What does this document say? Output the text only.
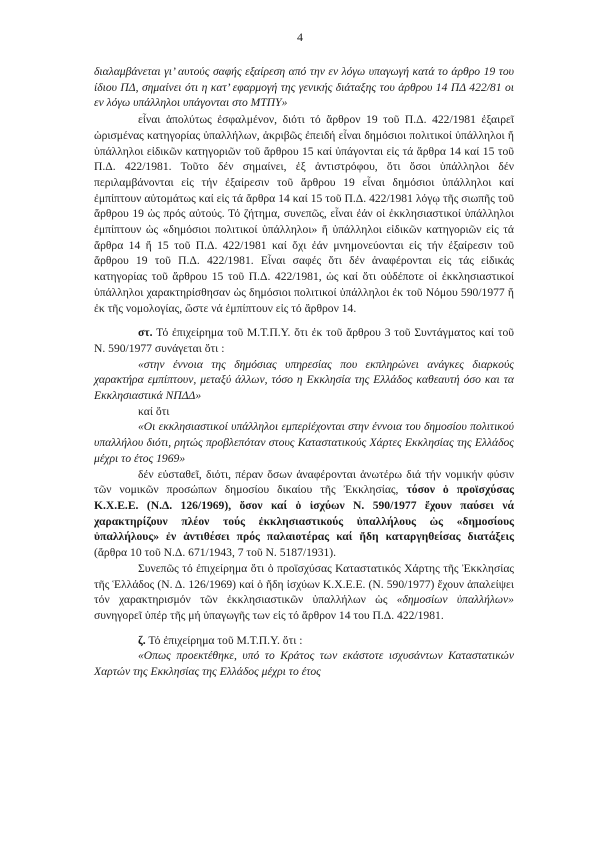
4

διαλαμβάνεται γι’ αυτούς σαφής εξαίρεση από την εν λόγω υπαγωγή κατά το άρθρο 19 του ίδιου ΠΔ, σημαίνει ότι η κατ’ εφαρμογή της γενικής διάταξης του άρθρου 14 ΠΔ 422/81 οι εν λόγω υπάλληλοι υπάγονται στο ΜΤΠΥ»

εἶναι ἀπολύτως ἐσφαλμένον, διότι τό ἄρθρον 19 τοῦ Π.Δ. 422/1981 ἐξαιρεῖ ὡρισμένας κατηγορίας ὑπαλλήλων, ἀκριβῶς ἐπειδή εἶναι δημόσιοι πολιτικοί ὑπάλληλοι ἤ ὑπάλληλοι εἰδικῶν κατηγοριῶν τοῦ ἄρθρου 15 καί ὑπάγονται εἰς τά ἄρθρα 14 καί 15 τοῦ Π.Δ. 422/1981. Τοῦτο δέν σημαίνει, ἐξ ἀντιστρόφου, ὅτι ὅσοι ὑπάλληλοι δέν περιλαμβάνονται εἰς τήν ἐξαίρεσιν τοῦ ἄρθρου 19 εἶναι δημόσιοι ὑπάλληλοι καί ἐμπίπτουν αὐτομάτως καί εἰς τά ἄρθρα 14 καί 15 τοῦ Π.Δ. 422/1981 λόγῳ τῆς σιωπῆς τοῦ ἄρθρου 19 ὡς πρός αὐτούς. Τό ζήτημα, συνεπῶς, εἶναι ἐάν οἱ ἐκκλησιαστικοί ὑπάλληλοι ἐμπίπτουν ὡς «δημόσιοι πολιτικοί ὑπάλληλοι» ἤ ὑπάλληλοι εἰδικῶν κατηγοριῶν εἰς τά ἄρθρα 14 ἤ 15 τοῦ Π.Δ. 422/1981 καί ὄχι ἐάν μνημονεύονται εἰς τήν ἐξαίρεσιν τοῦ ἄρθρου 19 τοῦ Π.Δ. 422/1981. Εἶναι σαφές ὅτι δέν ἀναφέρονται εἰς τάς εἰδικάς κατηγορίας τοῦ ἄρθρου 15 τοῦ Π.Δ. 422/1981, ὡς καί ὅτι οὐδέποτε οἱ ἐκκλησιαστικοί ὑπάλληλοι χαρακτηρίσθησαν ὡς δημόσιοι πολιτικοί ὑπάλληλοι ἐκ τοῦ Νόμου 590/1977 ἤ ἐκ τῆς νομολογίας, ὥστε νά ἐμπίπτουν εἰς τό ἄρθρον 14.

στ. Τό ἐπιχείρημα τοῦ Μ.Τ.Π.Υ. ὅτι ἐκ τοῦ ἄρθρου 3 τοῦ Συντάγματος καί τοῦ Ν. 590/1977 συνάγεται ὅτι :

«στην έννοια της δημόσιας υπηρεσίας που εκπληρώνει ανάγκες διαρκούς χαρακτήρα εμπίπτουν, μεταξύ άλλων, τόσο η Εκκλησία της Ελλάδος καθεαυτή όσο και τα Εκκλησιαστικά ΝΠΔΔ»

καί ὅτι

«Οι εκκλησιαστικοί υπάλληλοι εμπερiέχονται στην έννοια του δημοσίου πολιτικού υπαλλήλου διότι, ρητώς προβλεπόταν στους Καταστατικούς Χάρτες Εκκλησίας της Ελλάδος μέχρι το έτος 1969»

δέν εὐσταθεῖ, διότι, πέραν ὅσων ἀναφέρονται ἀνωτέρω διά τήν νομικήν φύσιν τῶν νομικῶν προσώπων δημοσίου δικαίου τῆς Ἐκκλησίας, τόσον ὁ προϊσχύσας Κ.Χ.Ε.Ε. (Ν.Δ. 126/1969), ὅσον καί ὁ ἰσχύων Ν. 590/1977 ἔχουν παύσει νά χαρακτηρίζουν πλέον τούς ἐκκλησιαστικούς ὑπαλλήλους ὡς «δημοσίους ὑπαλλήλους» ἐν ἀντιθέσει πρός παλαιοτέρας καί ἤδη καταργηθείσας διατάξεις (ἄρθρα 10 τοῦ Ν.Δ. 671/1943, 7 τοῦ Ν. 5187/1931).

Συνεπῶς τό ἐπιχείρημα ὅτι ὁ προϊσχύσας Καταστατικός Χάρτης τῆς Ἐκκλησίας τῆς Ἑλλάδος (Ν. Δ. 126/1969) καί ὁ ἤδη ἰσχύων Κ.Χ.Ε.Ε. (Ν. 590/1977) ἔχουν ἀπαλείψει τόν χαρακτηρισμόν τῶν ἐκκλησιαστικῶν ὑπαλλήλων ὡς «δημοσίων ὑπαλλήλων» συνηγορεῖ ὑπέρ τῆς μή ὑπαγωγῆς των εἰς τό ἄρθρον 14 του Π.Δ. 422/1981.

ζ. Τό ἐπιχείρημα τοῦ Μ.Τ.Π.Υ. ὅτι :

«Οπως προεκτέθηκε, υπό το Κράτος των εκάστοτε ισχυσάντων Καταστατικών Χαρτών της Εκκλησίας της Ελλάδος μέχρι το έτος
